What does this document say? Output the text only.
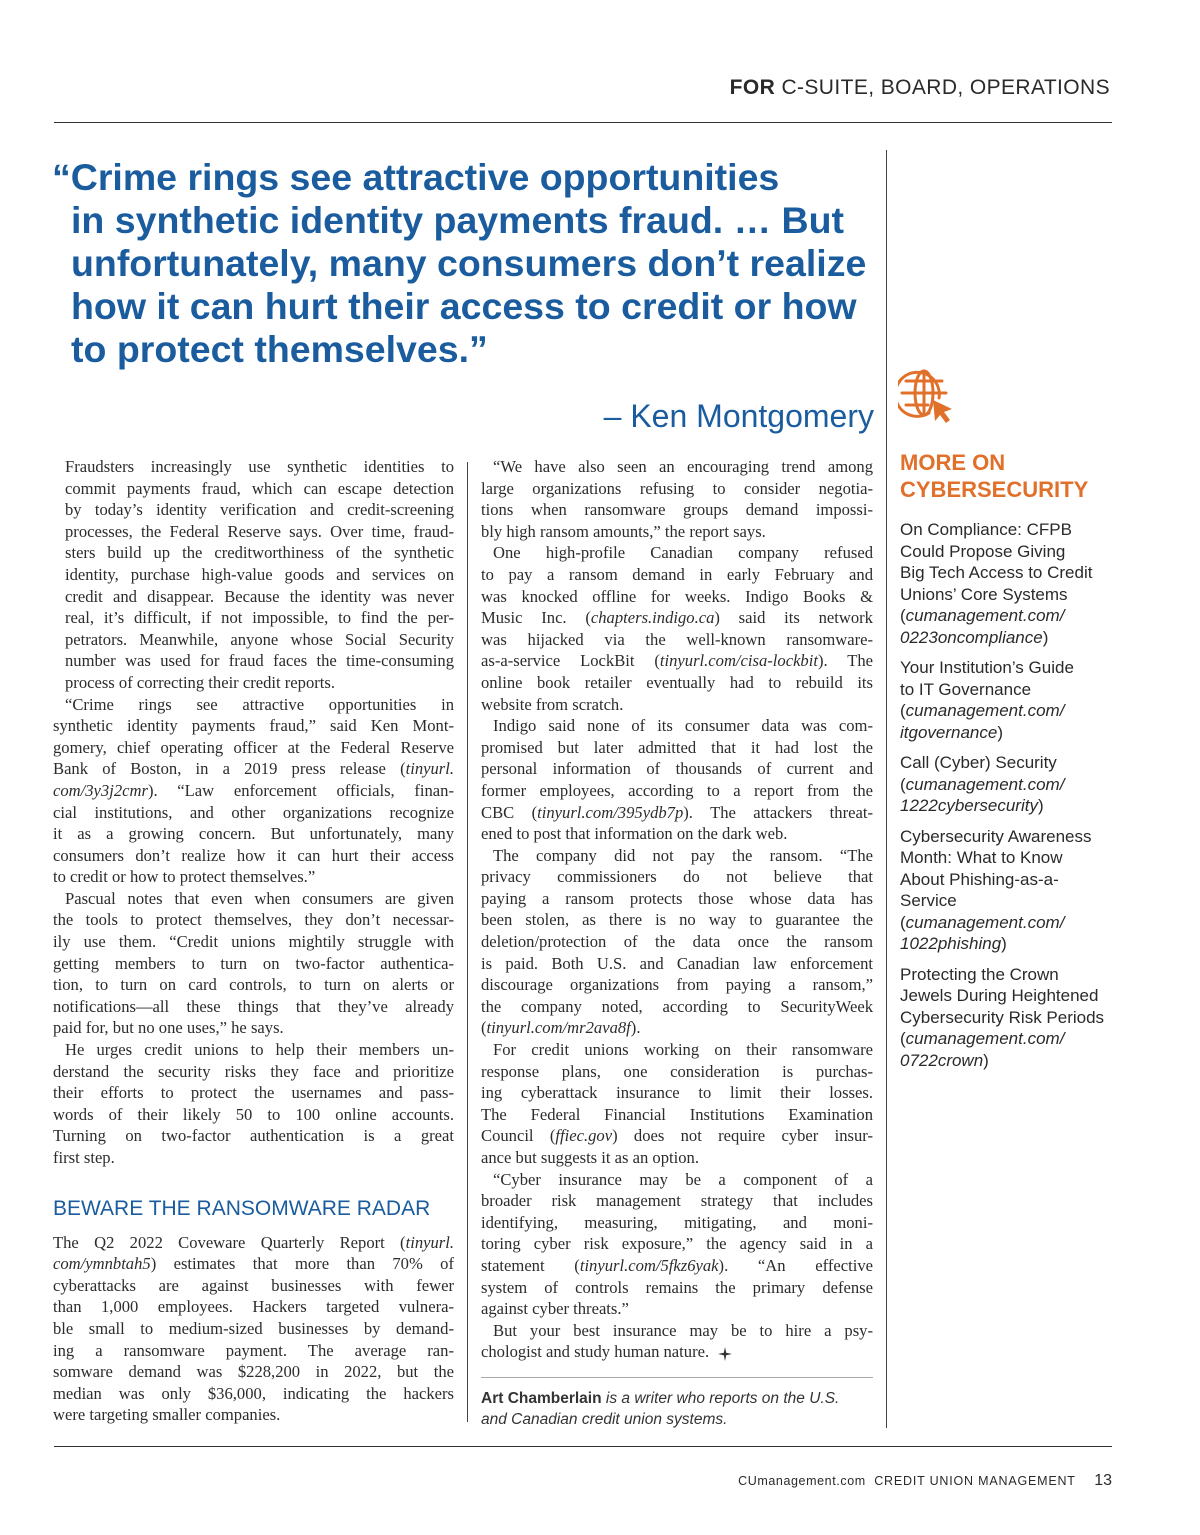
FOR C-SUITE, BOARD, OPERATIONS
“Crime rings see attractive opportunities
in synthetic identity payments fraud. … But
unfortunately, many consumers don’t realize
how it can hurt their access to credit or how
to protect themselves.”
– Ken Montgomery

Fraudsters increasingly use synthetic identities to
commit payments fraud, which can escape detection
by today’s identity verification and credit-screening
processes, the Federal Reserve says. Over time, fraud-
sters build up the creditworthiness of the synthetic
identity, purchase high-value goods and services on
credit and disappear. Because the identity was never
real, it’s difficult, if not impossible, to find the per-
petrators. Meanwhile, anyone whose Social Security
number was used for fraud faces the time-consuming
process of correcting their credit reports.

“Crime rings see attractive opportunities in
synthetic identity payments fraud,” said Ken Mont-
gomery, chief operating officer at the Federal Reserve
Bank of Boston, in a 2019 press release (tinyurl.
com/3y3j2cmr). “Law enforcement officials, finan-
cial institutions, and other organizations recognize
it as a growing concern. But unfortunately, many
consumers don’t realize how it can hurt their access
to credit or how to protect themselves.”

Pascual notes that even when consumers are given
the tools to protect themselves, they don’t necessar-
ily use them. “Credit unions mightily struggle with
getting members to turn on two-factor authentica-
tion, to turn on card controls, to turn on alerts or
notifications—all these things that they’ve already
paid for, but no one uses,” he says.

He urges credit unions to help their members un-
derstand the security risks they face and prioritize
their efforts to protect the usernames and pass-
words of their likely 50 to 100 online accounts.
Turning on two-factor authentication is a great
first step.

BEWARE THE RANSOMWARE RADAR

The Q2 2022 Coveware Quarterly Report (tinyurl.
com/ymnbtah5) estimates that more than 70% of
cyberattacks are against businesses with fewer
than 1,000 employees. Hackers targeted vulnera-
ble small to medium-sized businesses by demand-
ing a ransomware payment. The average ran-
somware demand was $228,200 in 2022, but the
median was only $36,000, indicating the hackers
were targeting smaller companies.

“We have also seen an encouraging trend among
large organizations refusing to consider negotia-
tions when ransomware groups demand impossi-
bly high ransom amounts,” the report says.

One high-profile Canadian company refused
to pay a ransom demand in early February and
was knocked offline for weeks. Indigo Books &
Music Inc. (chapters.indigo.ca) said its network
was hijacked via the well-known ransomware-
as-a-service LockBit (tinyurl.com/cisa-lockbit). The
online book retailer eventually had to rebuild its
website from scratch.

Indigo said none of its consumer data was com-
promised but later admitted that it had lost the
personal information of thousands of current and
former employees, according to a report from the
CBC (tinyurl.com/395ydb7p). The attackers threat-
ened to post that information on the dark web.

The company did not pay the ransom. “The
privacy commissioners do not believe that
paying a ransom protects those whose data has
been stolen, as there is no way to guarantee the
deletion/protection of the data once the ransom
is paid. Both U.S. and Canadian law enforcement
discourage organizations from paying a ransom,”
the company noted, according to SecurityWeek
(tinyurl.com/mr2ava8f).

For credit unions working on their ransomware
response plans, one consideration is purchas-
ing cyberattack insurance to limit their losses.
The Federal Financial Institutions Examination
Council (ffiec.gov) does not require cyber insur-
ance but suggests it as an option.

“Cyber insurance may be a component of a
broader risk management strategy that includes
identifying, measuring, mitigating, and moni-
toring cyber risk exposure,” the agency said in a
statement (tinyurl.com/5fkz6yak). “An effective
system of controls remains the primary defense
against cyber threats.”

But your best insurance may be to hire a psy-
chologist and study human nature.

Art Chamberlain is a writer who reports on the U.S.
and Canadian credit union systems.
MORE ON
CYBERSECURITY
On Compliance: CFPB
Could Propose Giving
Big Tech Access to Credit
Unions’ Core Systems
(cumanagement.com/
0223oncompliance)
Your Institution’s Guide
to IT Governance
(cumanagement.com/
itgovernance)
Call (Cyber) Security
(cumanagement.com/
1222cybersecurity)
Cybersecurity Awareness
Month: What to Know
About Phishing-as-a-
Service
(cumanagement.com/
1022phishing)
Protecting the Crown
Jewels During Heightened
Cybersecurity Risk Periods
(cumanagement.com/
0722crown)
CUmanagement.com CREDIT UNION MANAGEMENT 13
